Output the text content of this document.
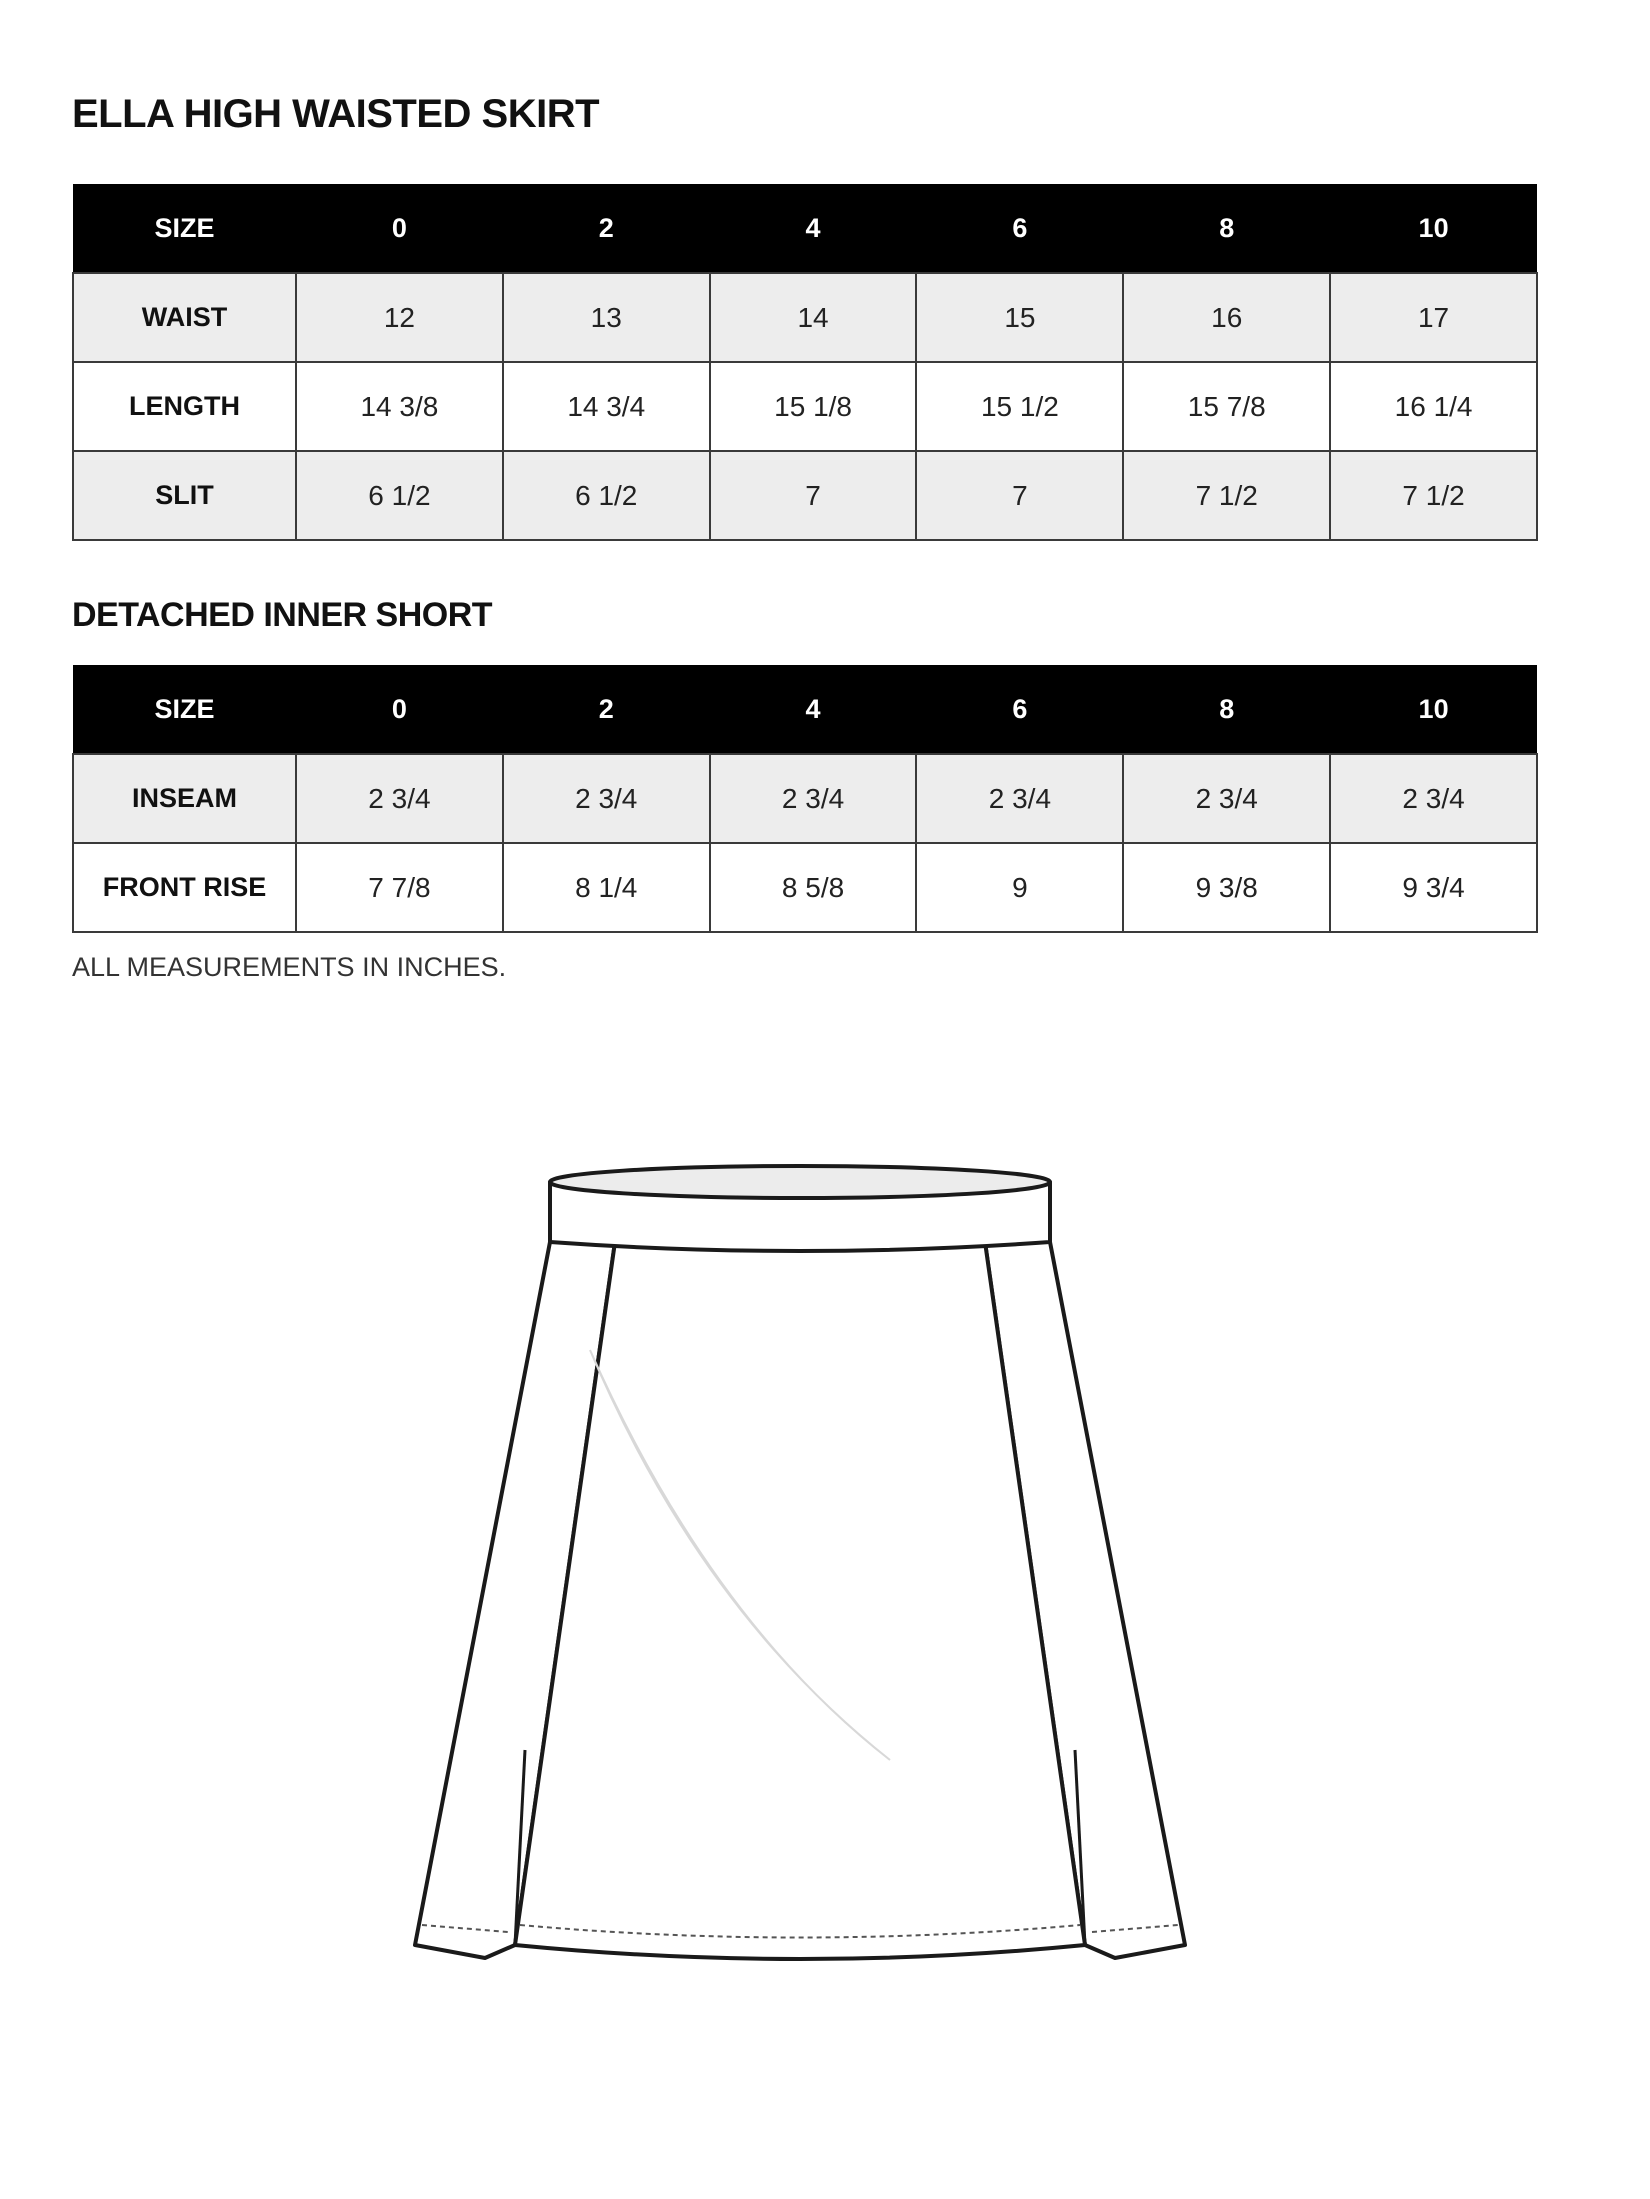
ELLA HIGH WAISTED SKIRT
SIZE	0	2	4	6	8	10
WAIST	12	13	14	15	16	17
LENGTH	14 3/8	14 3/4	15 1/8	15 1/2	15 7/8	16 1/4
SLIT	6 1/2	6 1/2	7	7	7 1/2	7 1/2
DETACHED INNER SHORT
SIZE	0	2	4	6	8	10
INSEAM	2 3/4	2 3/4	2 3/4	2 3/4	2 3/4	2 3/4
FRONT RISE	7 7/8	8 1/4	8 5/8	9	9 3/8	9 3/4

ALL MEASUREMENTS IN INCHES.
